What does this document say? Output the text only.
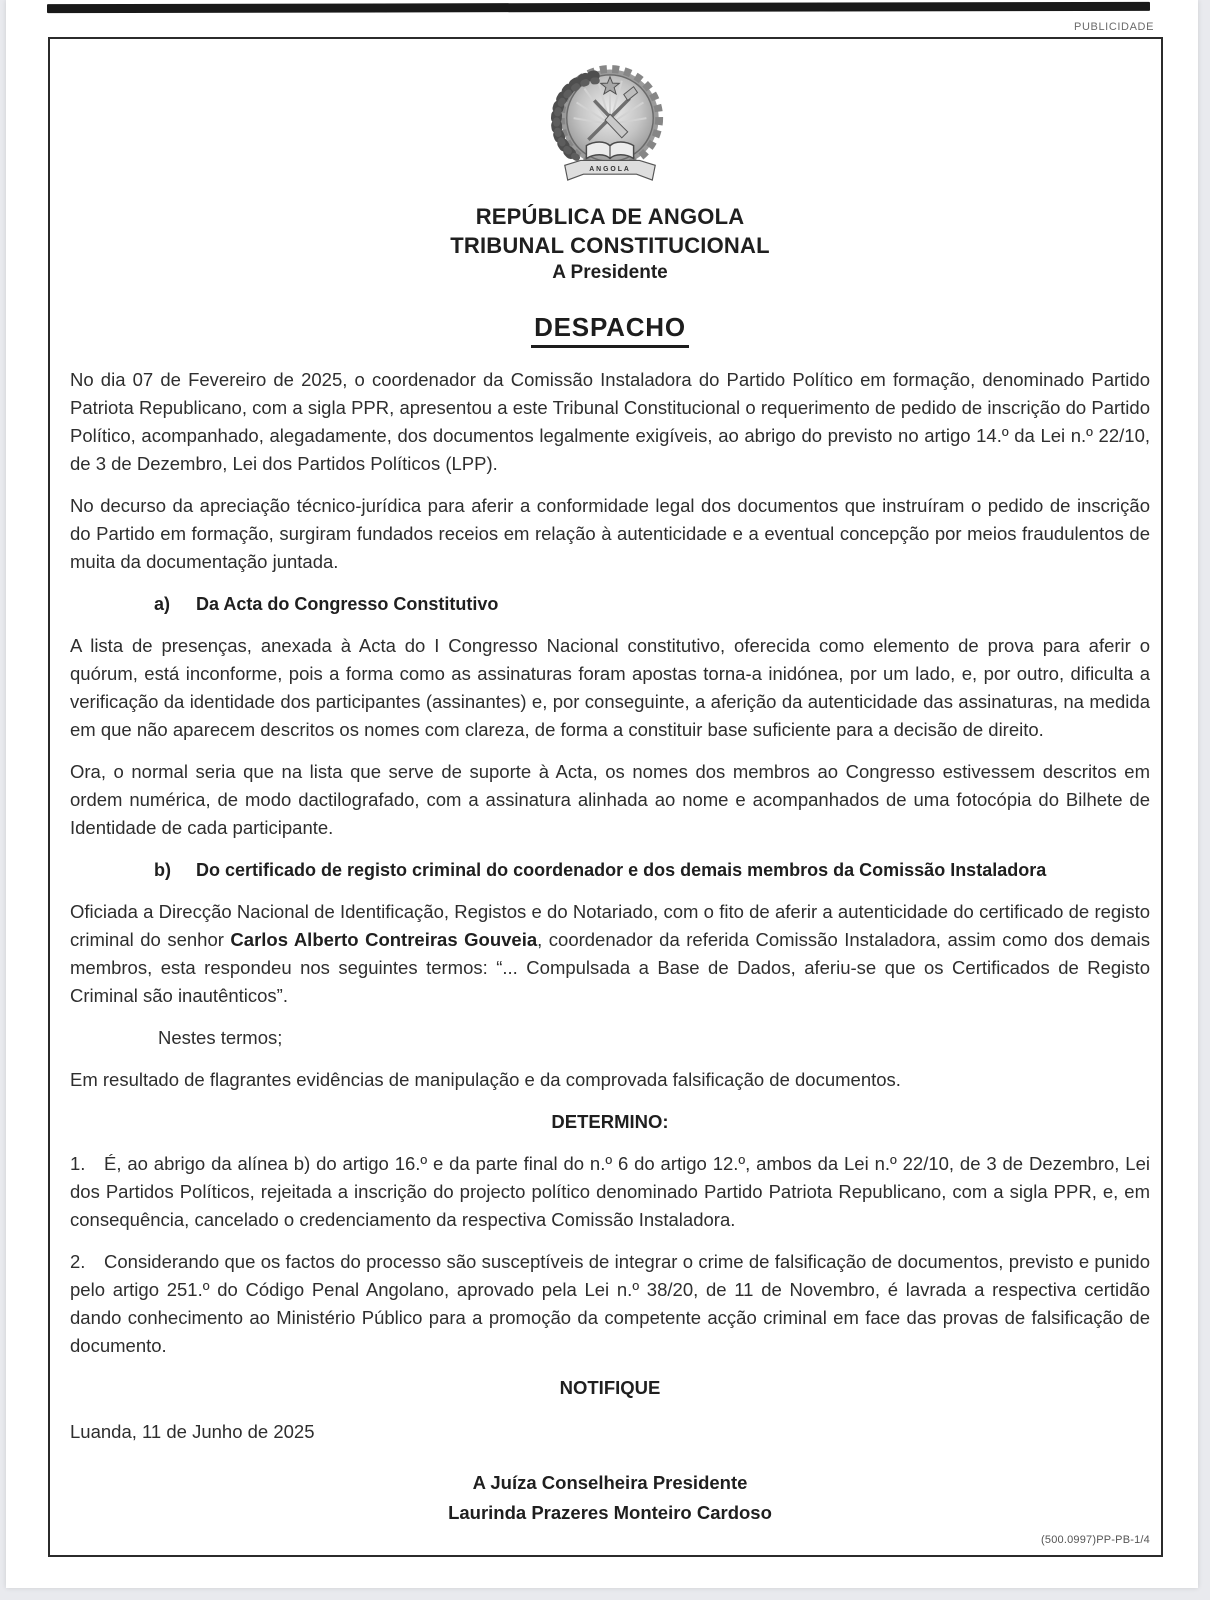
PUBLICIDADE
ANGOLA
REPÚBLICA DE ANGOLA
TRIBUNAL CONSTITUCIONAL
A Presidente
DESPACHO

No dia 07 de Fevereiro de 2025, o coordenador da Comissão Instaladora do Partido Político em formação, denominado Partido Patriota Republicano, com a sigla PPR, apresentou a este Tribunal Constitucional o requerimento de pedido de inscrição do Partido Político, acompanhado, alegadamente, dos documentos legalmente exigíveis, ao abrigo do previsto no artigo 14.º da Lei n.º 22/10, de 3 de Dezembro, Lei dos Partidos Políticos (LPP).

No decurso da apreciação técnico-jurídica para aferir a conformidade legal dos documentos que instruíram o pedido de inscrição do Partido em formação, surgiram fundados receios em relação à autenticidade e a eventual concepção por meios fraudulentos de muita da documentação juntada.

a) Da Acta do Congresso Constitutivo

A lista de presenças, anexada à Acta do I Congresso Nacional constitutivo, oferecida como elemento de prova para aferir o quórum, está inconforme, pois a forma como as assinaturas foram apostas torna-a inidónea, por um lado, e, por outro, dificulta a verificação da identidade dos participantes (assinantes) e, por conseguinte, a aferição da autenticidade das assinaturas, na medida em que não aparecem descritos os nomes com clareza, de forma a constituir base suficiente para a decisão de direito.

Ora, o normal seria que na lista que serve de suporte à Acta, os nomes dos membros ao Congresso estivessem descritos em ordem numérica, de modo dactilografado, com a assinatura alinhada ao nome e acompanhados de uma fotocópia do Bilhete de Identidade de cada participante.

b) Do certificado de registo criminal do coordenador e dos demais membros da Comissão Instaladora

Oficiada a Direcção Nacional de Identificação, Registos e do Notariado, com o fito de aferir a autenticidade do certificado de registo criminal do senhor Carlos Alberto Contreiras Gouveia, coordenador da referida Comissão Instaladora, assim como dos demais membros, esta respondeu nos seguintes termos: “... Compulsada a Base de Dados, aferiu-se que os Certificados de Registo Criminal são inautênticos”.

Nestes termos;

Em resultado de flagrantes evidências de manipulação e da comprovada falsificação de documentos.

DETERMINO:

1. É, ao abrigo da alínea b) do artigo 16.º e da parte final do n.º 6 do artigo 12.º, ambos da Lei n.º 22/10, de 3 de Dezembro, Lei dos Partidos Políticos, rejeitada a inscrição do projecto político denominado Partido Patriota Republicano, com a sigla PPR, e, em consequência, cancelado o credenciamento da respectiva Comissão Instaladora.

2. Considerando que os factos do processo são susceptíveis de integrar o crime de falsificação de documentos, previsto e punido pelo artigo 251.º do Código Penal Angolano, aprovado pela Lei n.º 38/20, de 11 de Novembro, é lavrada a respectiva certidão dando conhecimento ao Ministério Público para a promoção da competente acção criminal em face das provas de falsificação de documento.

NOTIFIQUE

Luanda, 11 de Junho de 2025

A Juíza Conselheira Presidente
Laurinda Prazeres Monteiro Cardoso
(500.0997)PP-PB-1/4
